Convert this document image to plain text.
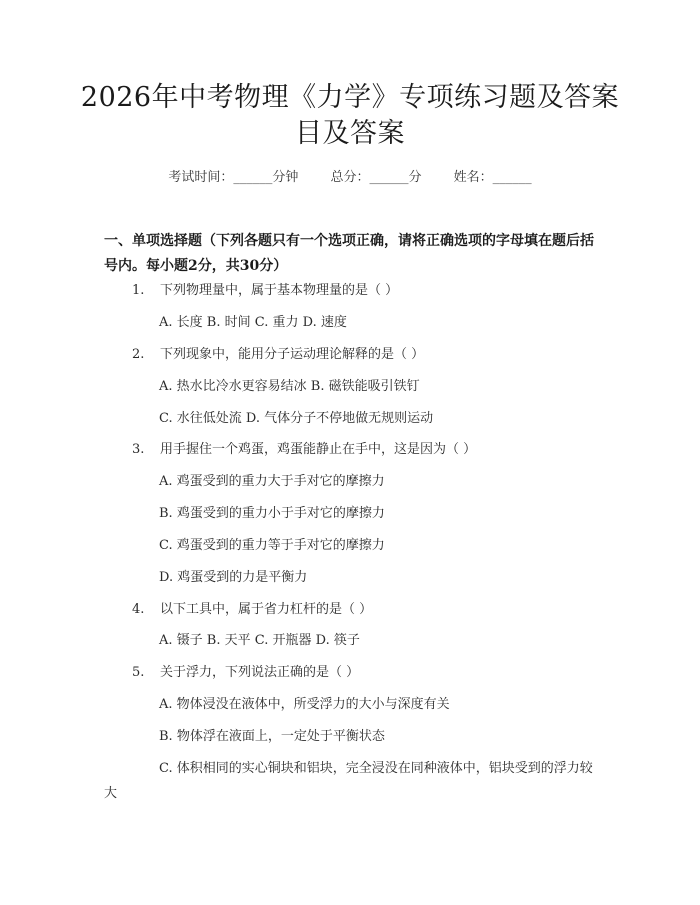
2026年中考物理《力学》专项练习题及答案
目及答案
考试时间：______分钟 总分：______分 姓名：______
一、单项选择题（下列各题只有一个选项正确，请将正确选项的字母填在题后括号内。每小题2分，共30分）
1. 下列物理量中，属于基本物理量的是（ ）
A. 长度 B. 时间 C. 重力 D. 速度
2. 下列现象中，能用分子运动理论解释的是（ ）
A. 热水比冷水更容易结冰 B. 磁铁能吸引铁钉
C. 水往低处流 D. 气体分子不停地做无规则运动
3. 用手握住一个鸡蛋，鸡蛋能静止在手中，这是因为（ ）
A. 鸡蛋受到的重力大于手对它的摩擦力
B. 鸡蛋受到的重力小于手对它的摩擦力
C. 鸡蛋受到的重力等于手对它的摩擦力
D. 鸡蛋受到的力是平衡力
4. 以下工具中，属于省力杠杆的是（ ）
A. 镊子 B. 天平 C. 开瓶器 D. 筷子
5. 关于浮力，下列说法正确的是（ ）
A. 物体浸没在液体中，所受浮力的大小与深度有关
B. 物体浮在液面上，一定处于平衡状态
C. 体积相同的实心铜块和铝块，完全浸没在同种液体中，铝块受到的浮力较大
